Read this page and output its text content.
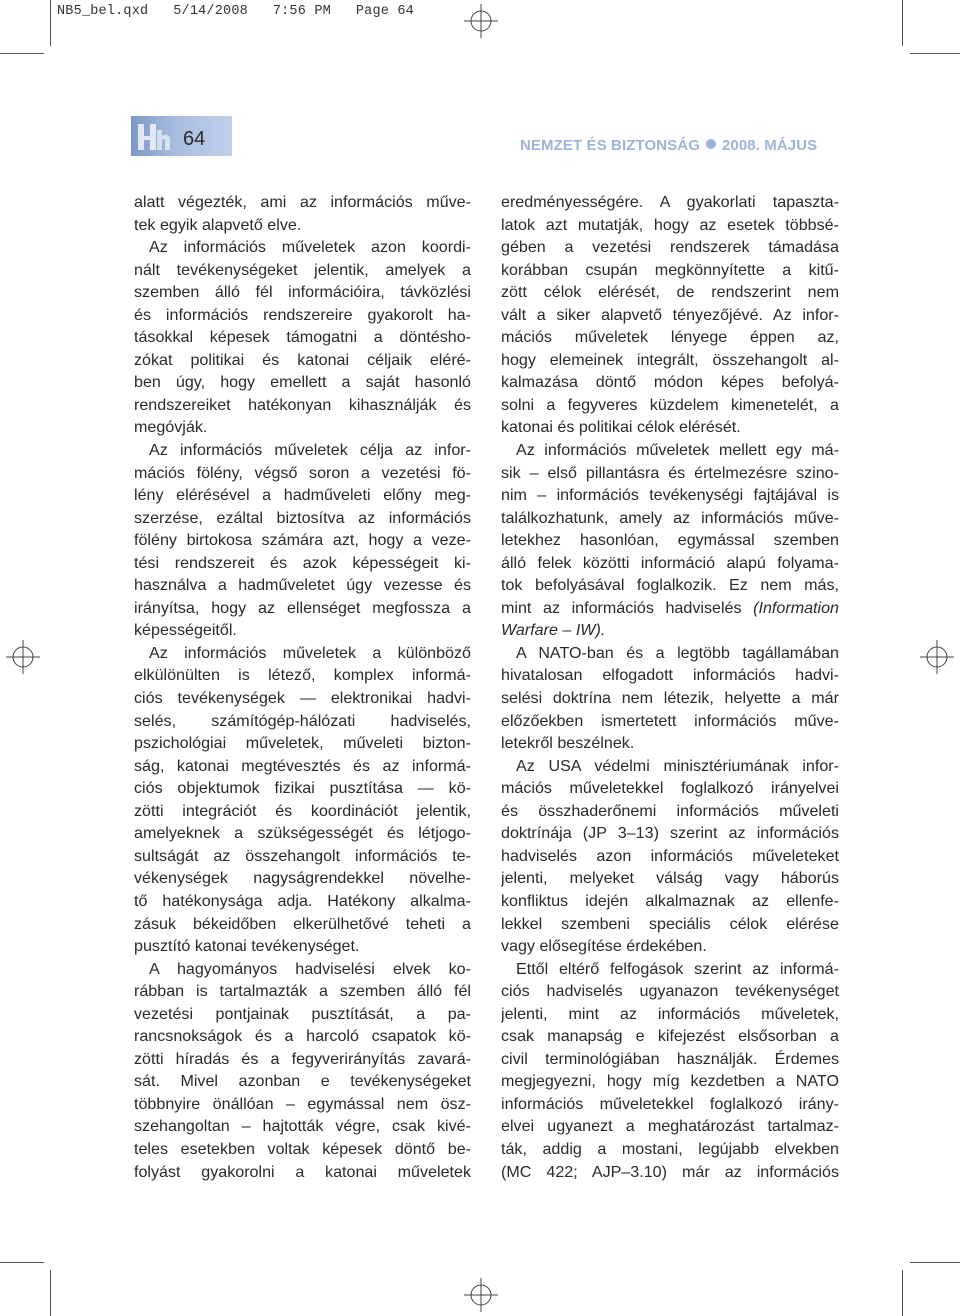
NB5_bel.qxd   5/14/2008   7:56 PM   Page 64
64	NEMZET ÉS BIZTONSÁG 2008. MÁJUS
alatt végezték, ami az információs műve-
tek egyik alapvető elve.
Az információs műveletek azon koordi-
nált tevékenységeket jelentik, amelyek a
szemben álló fél információira, távközlési
és információs rendszereire gyakorolt ha-
tásokkal képesek támogatni a döntésho-
zókat politikai és katonai céljaik eléré-
ben úgy, hogy emellett a saját hasonló
rendszereiket hatékonyan kihasználják és
megóvják.
Az információs műveletek célja az infor-
mációs fölény, végső soron a vezetési fö-
lény elérésével a hadműveleti előny meg-
szerzése, ezáltal biztosítva az információs
fölény birtokosa számára azt, hogy a veze-
tési rendszereit és azok képességeit ki-
használva a hadműveletet úgy vezesse és
irányítsa, hogy az ellenséget megfossza a
képességeitől.
Az információs műveletek a különböző
elkülönülten is létező, komplex informá-
ciós tevékenységek — elektronikai hadvi-
selés, számítógép-hálózati hadviselés,
pszichológiai műveletek, műveleti bizton-
ság, katonai megtévesztés és az informá-
ciós objektumok fizikai pusztítása — kö-
zötti integrációt és koordinációt jelentik,
amelyeknek a szükségességét és létjogo-
sultságát az összehangolt információs te-
vékenységek nagyságrendekkel növelhe-
tő hatékonysága adja. Hatékony alkalma-
zásuk békeidőben elkerülhetővé teheti a
pusztító katonai tevékenységet.
A hagyományos hadviselési elvek ko-
rábban is tartalmazták a szemben álló fél
vezetési pontjainak pusztítását, a pa-
rancsnokságok és a harcoló csapatok kö-
zötti híradás és a fegyverirányítás zavará-
sát. Mivel azonban e tevékenységeket
többnyire önállóan – egymással nem ösz-
szehangoltan – hajtották végre, csak kivé-
teles esetekben voltak képesek döntő be-
folyást gyakorolni a katonai műveletek
eredményességére. A gyakorlati tapaszta-
latok azt mutatják, hogy az esetek többsé-
gében a vezetési rendszerek támadása
korábban csupán megkönnyítette a kitű-
zött célok elérését, de rendszerint nem
vált a siker alapvető tényezőjévé. Az infor-
mációs műveletek lényege éppen az,
hogy elemeinek integrált, összehangolt al-
kalmazása döntő módon képes befolyá-
solni a fegyveres küzdelem kimenetelét, a
katonai és politikai célok elérését.
Az információs műveletek mellett egy má-
sik – első pillantásra és értelmezésre szino-
nim – információs tevékenységi fajtájával is
találkozhatunk, amely az információs műve-
letekhez hasonlóan, egymással szemben
álló felek közötti információ alapú folyama-
tok befolyásával foglalkozik. Ez nem más,
mint az információs hadviselés (Information
Warfare – IW).
A NATO-ban és a legtöbb tagállamában
hivatalosan elfogadott információs hadvi-
selési doktrína nem létezik, helyette a már
előzőekben ismertetett információs műve-
letekről beszélnek.
Az USA védelmi minisztériumának infor-
mációs műveletekkel foglalkozó irányelvei
és összhaderőnemi információs műveleti
doktrínája (JP 3–13) szerint az információs
hadviselés azon információs műveleteket
jelenti, melyeket válság vagy háborús
konfliktus idején alkalmaznak az ellenfe-
lekkel szembeni speciális célok elérése
vagy elősegítése érdekében.
Ettől eltérő felfogások szerint az informá-
ciós hadviselés ugyanazon tevékenységet
jelenti, mint az információs műveletek,
csak manapság e kifejezést elsősorban a
civil terminológiában használják. Érdemes
megjegyezni, hogy míg kezdetben a NATO
információs műveletekkel foglalkozó irány-
elvei ugyanezt a meghatározást tartalmaz-
ták, addig a mostani, legújabb elvekben
(MC 422; AJP–3.10) már az információs
